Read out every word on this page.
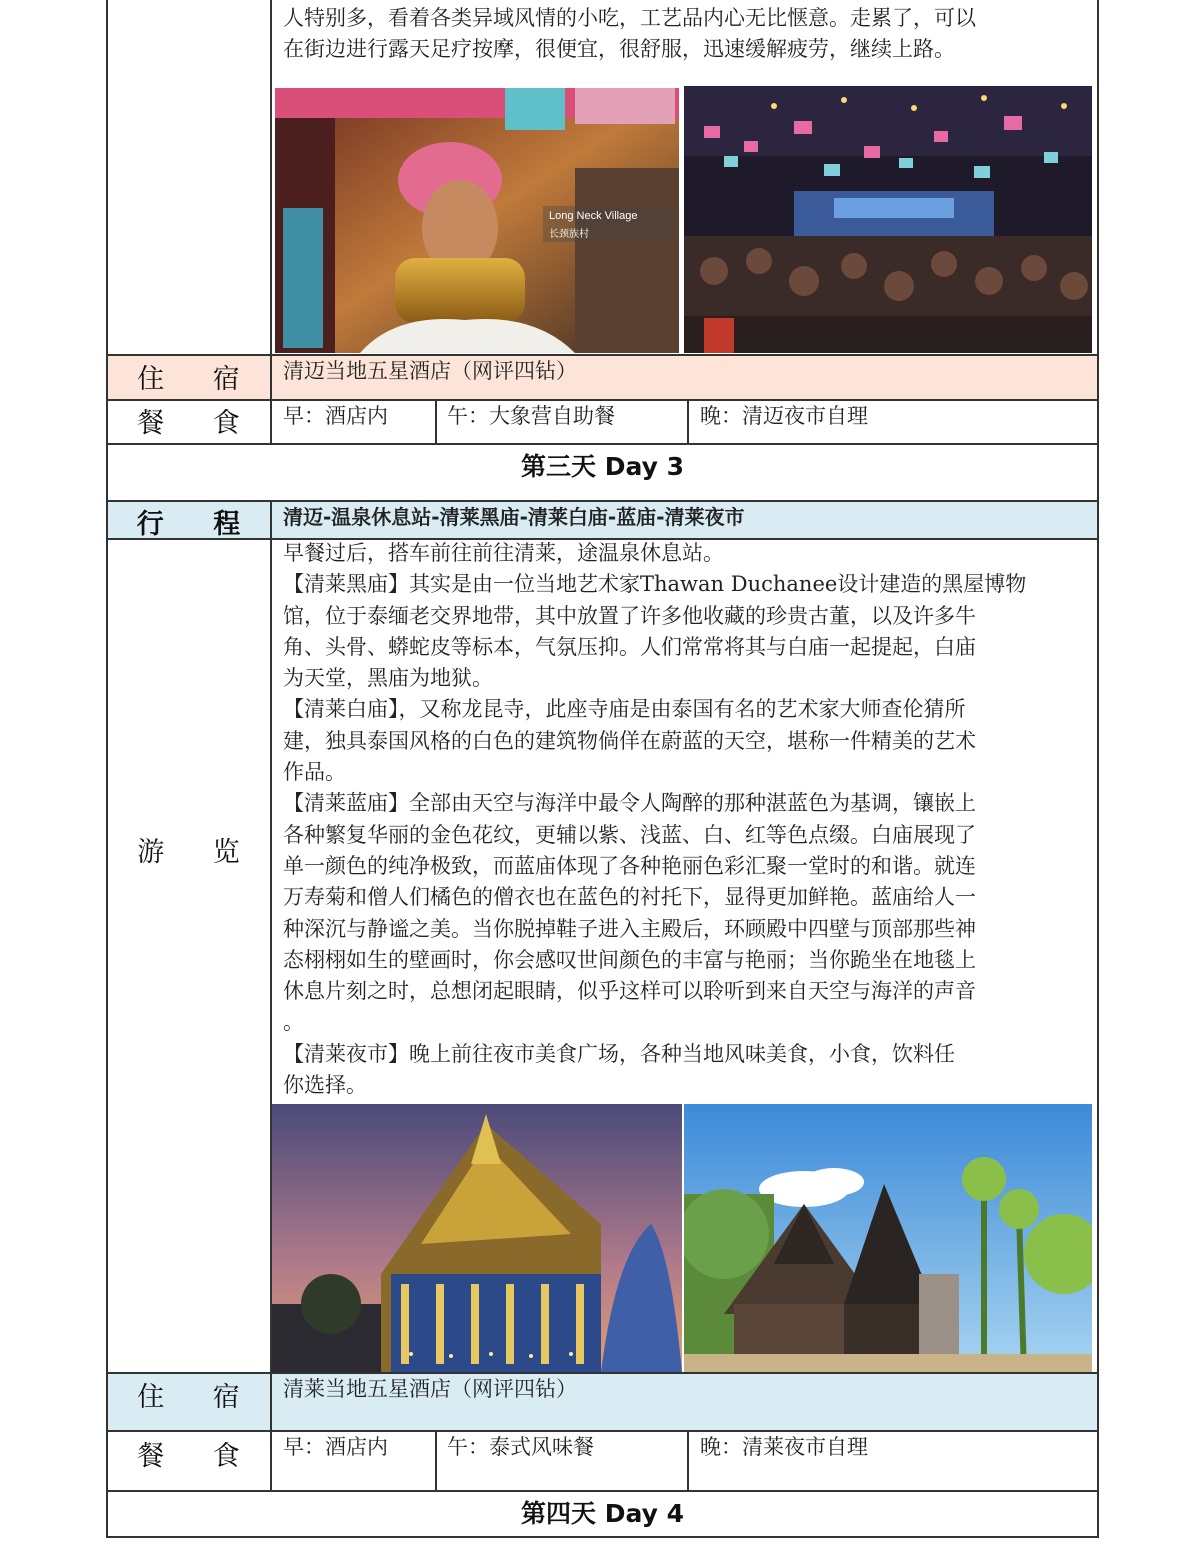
人特别多，看着各类异域风情的小吃，工艺品内心无比惬意。走累了，可以
在街边进行露天足疗按摩，很便宜，很舒服，迅速缓解疲劳，继续上路。
Long Neck Village
长颈族村
住 宿	清迈当地五星酒店（网评四钻）
餐 食	早：酒店内	午：大象营自助餐	晚：清迈夜市自理
第三天 Day 3
行 程	清迈-温泉休息站-清莱黑庙-清莱白庙-蓝庙-清莱夜市
游 览

早餐过后，搭车前往前往清莱，途温泉休息站。

【清莱黑庙】其实是由一位当地艺术家Thawan Duchanee设计建造的黑屋博物

馆，位于泰缅老交界地带，其中放置了许多他收藏的珍贵古董，以及许多牛

角、头骨、蟒蛇皮等标本，气氛压抑。人们常常将其与白庙一起提起，白庙

为天堂，黑庙为地狱。

【清莱白庙】，又称龙昆寺，此座寺庙是由泰国有名的艺术家大师查伦猜所

建，独具泰国风格的白色的建筑物倘佯在蔚蓝的天空，堪称一件精美的艺术

作品。

【清莱蓝庙】全部由天空与海洋中最令人陶醉的那种湛蓝色为基调，镶嵌上

各种繁复华丽的金色花纹，更辅以紫、浅蓝、白、红等色点缀。白庙展现了

单一颜色的纯净极致，而蓝庙体现了各种艳丽色彩汇聚一堂时的和谐。就连

万寿菊和僧人们橘色的僧衣也在蓝色的衬托下，显得更加鲜艳。蓝庙给人一

种深沉与静谧之美。当你脱掉鞋子进入主殿后，环顾殿中四壁与顶部那些神

态栩栩如生的壁画时，你会感叹世间颜色的丰富与艳丽；当你跪坐在地毯上

休息片刻之时，总想闭起眼睛，似乎这样可以聆听到来自天空与海洋的声音

。

【清莱夜市】晚上前往夜市美食广场，各种当地风味美食，小食，饮料任

你选择。

住 宿	清莱当地五星酒店（网评四钻）
餐 食	早：酒店内	午：泰式风味餐	晚：清莱夜市自理
第四天 Day 4
